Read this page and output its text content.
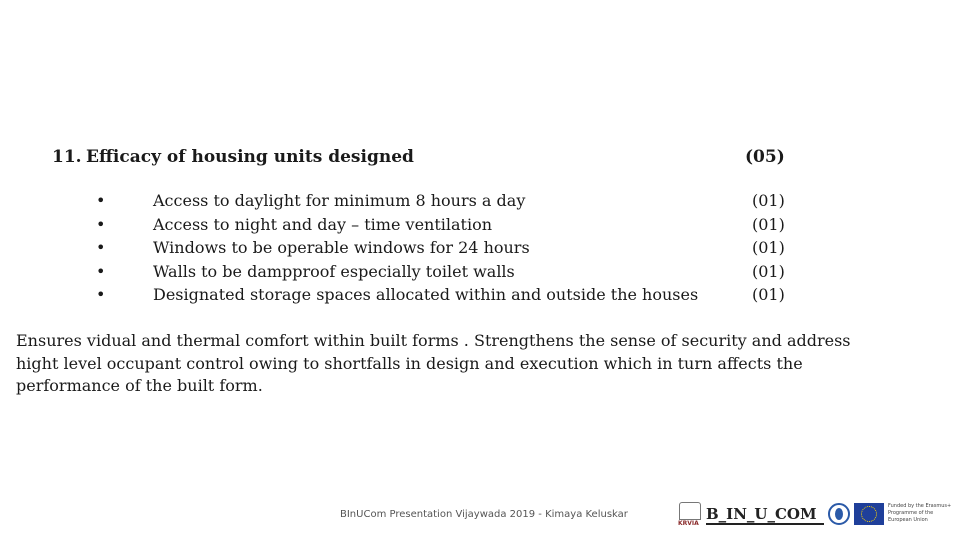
11. Efficacy of housing units designed	(05)
•	Access to daylight for minimum 8 hours a day	(01)
•	Access to night and day – time ventilation	(01)
•	Windows to be operable windows for 24 hours	(01)
•	Walls to be dampproof especially toilet walls	(01)
•	Designated storage spaces allocated within and outside the houses	(01)

Ensures vidual and thermal comfort within built forms . Strengthens the sense of security and address hight level occupant control owing to shortfalls in design and execution which in turn affects the performance of the built form.

BInUCom Presentation Vijaywada 2019 - Kimaya Keluskar
KRVIA
B_IN_U_COM	Funded by the Erasmus+ Programme of the European Union
